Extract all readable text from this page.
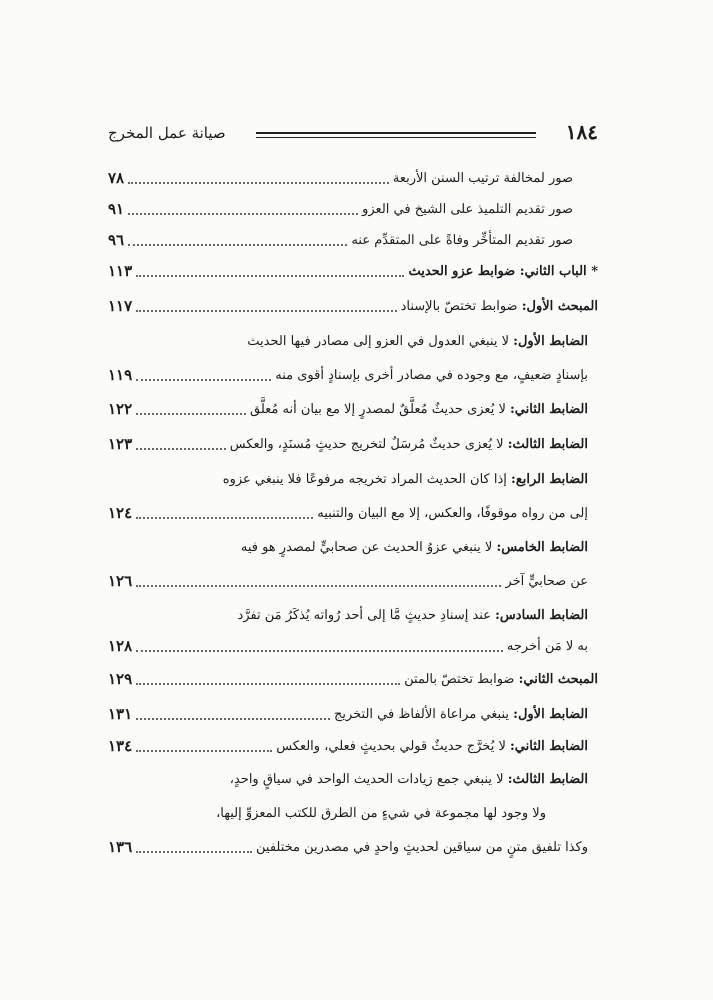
١٨٤
صيانة عمل المخرج
صور لمخالفة ترتيب السنن الأربعة
٧٨
صور تقديم التلميذ على الشيخ في العزو
٩١
صور تقديم المتأخِّر وفاةً على المتقدِّم عنه
٩٦
* الباب الثاني: ضوابط عزو الحديث
١١٣
المبحث الأول:

ضوابط تختصّ بالإسناد
١١٧
الضابط الأول:

لا ينبغي العدول في العزو إلى مصادر فيها الحديث
بإسنادٍ ضعيفٍ، مع وجوده في مصادر أخرى بإسنادٍ أقوى منه
١١٩
الضابط الثاني:

لا يُعزى حديثٌ مُعلَّقٌ لمصدرٍ إلا مع بيان أنه مُعلَّق
١٢٢
الضابط الثالث:

لا يُعزى حديثٌ مُرسَلٌ لتخريج حديثٍ مُسنَدٍ، والعكس
١٢٣
الضابط الرابع:

إذا كان الحديث المراد تخريجه مرفوعًا فلا ينبغي عزوه
إلى من رواه موقوفًا، والعكس، إلا مع البيان والتنبيه
١٢٤
الضابط الخامس:

لا ينبغي عزوُ الحديث عن صحابيٍّ لمصدرٍ هو فيه
عن صحابيٍّ آخر
١٢٦
الضابط السادس:

عند إسنادِ حديثٍ مَّا إلى أحد رُواته يُذكَرُ مَن تفرَّد
به لا مَن أخرجه
١٢٨
المبحث الثاني:

ضوابط تختصّ بالمتن
١٢٩
الضابط الأول:

ينبغي مراعاة الألفاظ في التخريج
١٣١
الضابط الثاني:

لا يُخرَّج حديثٌ قولي بحديثٍ فعلي، والعكس
١٣٤
الضابط الثالث:

لا ينبغي جمع زيادات الحديث الواحد في سياقٍ واحدٍ،
ولا وجود لها مجموعة في شيءٍ من الطرق للكتب المعزوِّ إليها،
وكذا تلفيق متنٍ من سياقين لحديثٍ واحدٍ في مصدرين مختلفين
١٣٦
